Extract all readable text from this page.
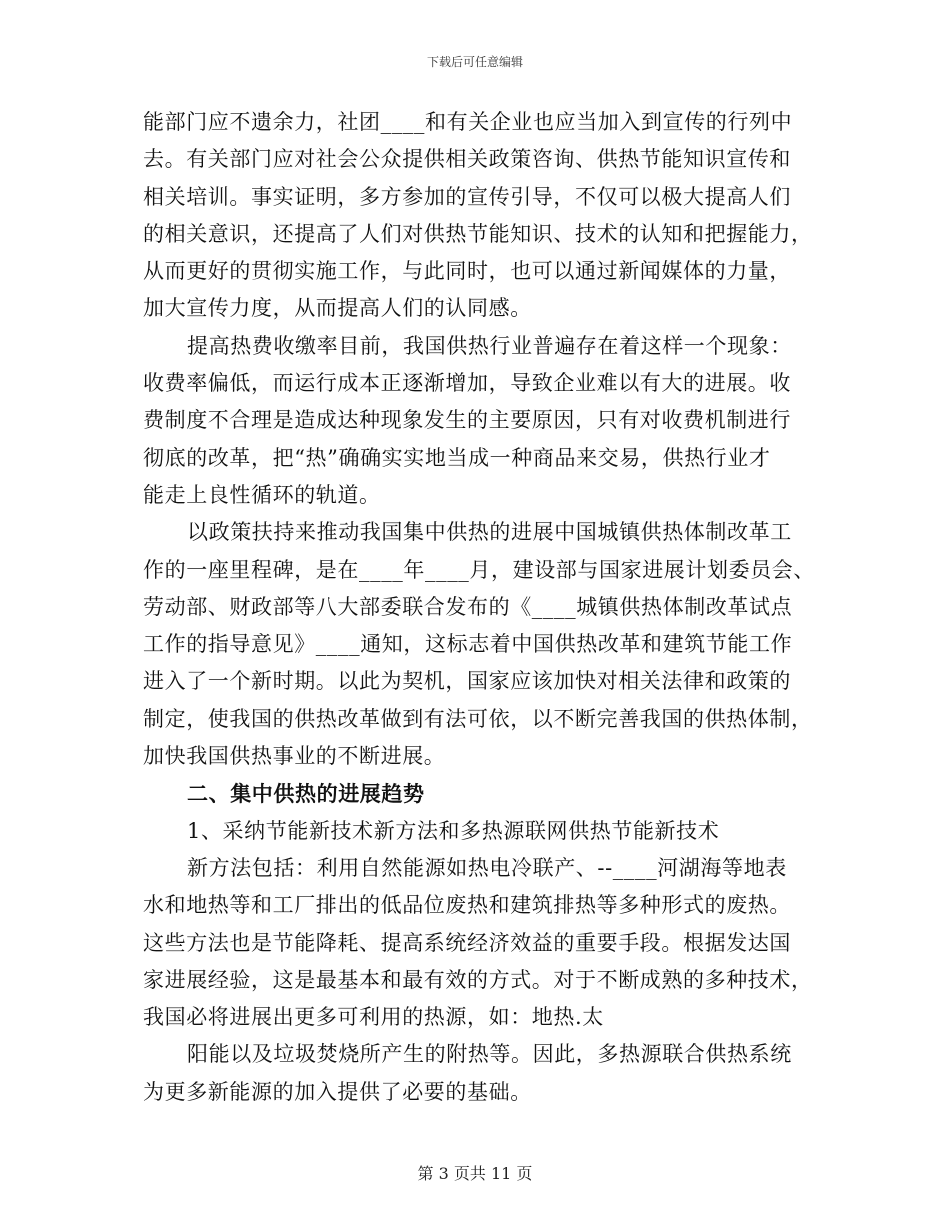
下载后可任意编辑
能部门应不遗余力，社团____和有关企业也应当加入到宣传的行列中
去。有关部门应对社会公众提供相关政策咨询、供热节能知识宣传和
相关培训。事实证明，多方参加的宣传引导，不仅可以极大提高人们
的相关意识，还提高了人们对供热节能知识、技术的认知和把握能力，
从而更好的贯彻实施工作，与此同时，也可以通过新闻媒体的力量，
加大宣传力度，从而提高人们的认同感。
提高热费收缴率目前，我国供热行业普遍存在着这样一个现象：
收费率偏低，而运行成本正逐渐增加，导致企业难以有大的进展。收
费制度不合理是造成达种现象发生的主要原因，只有对收费机制进行
彻底的改革，把“热”确确实实地当成一种商品来交易，供热行业才
能走上良性循环的轨道。
以政策扶持来推动我国集中供热的进展中国城镇供热体制改革工
作的一座里程碑，是在____年____月，建设部与国家进展计划委员会、
劳动部、财政部等八大部委联合发布的《____城镇供热体制改革试点
工作的指导意见》____通知，这标志着中国供热改革和建筑节能工作
进入了一个新时期。以此为契机，国家应该加快对相关法律和政策的
制定，使我国的供热改革做到有法可依，以不断完善我国的供热体制，
加快我国供热事业的不断进展。
二、集中供热的进展趋势
1、采纳节能新技术新方法和多热源联网供热节能新技术
新方法包括：利用自然能源如热电冷联产、--____河湖海等地表
水和地热等和工厂排出的低品位废热和建筑排热等多种形式的废热。
这些方法也是节能降耗、提高系统经济效益的重要手段。根据发达国
家进展经验，这是最基本和最有效的方式。对于不断成熟的多种技术，
我国必将进展出更多可利用的热源，如：地热.太
阳能以及垃圾焚烧所产生的附热等。因此，多热源联合供热系统
为更多新能源的加入提供了必要的基础。
第 3 页共 11 页
